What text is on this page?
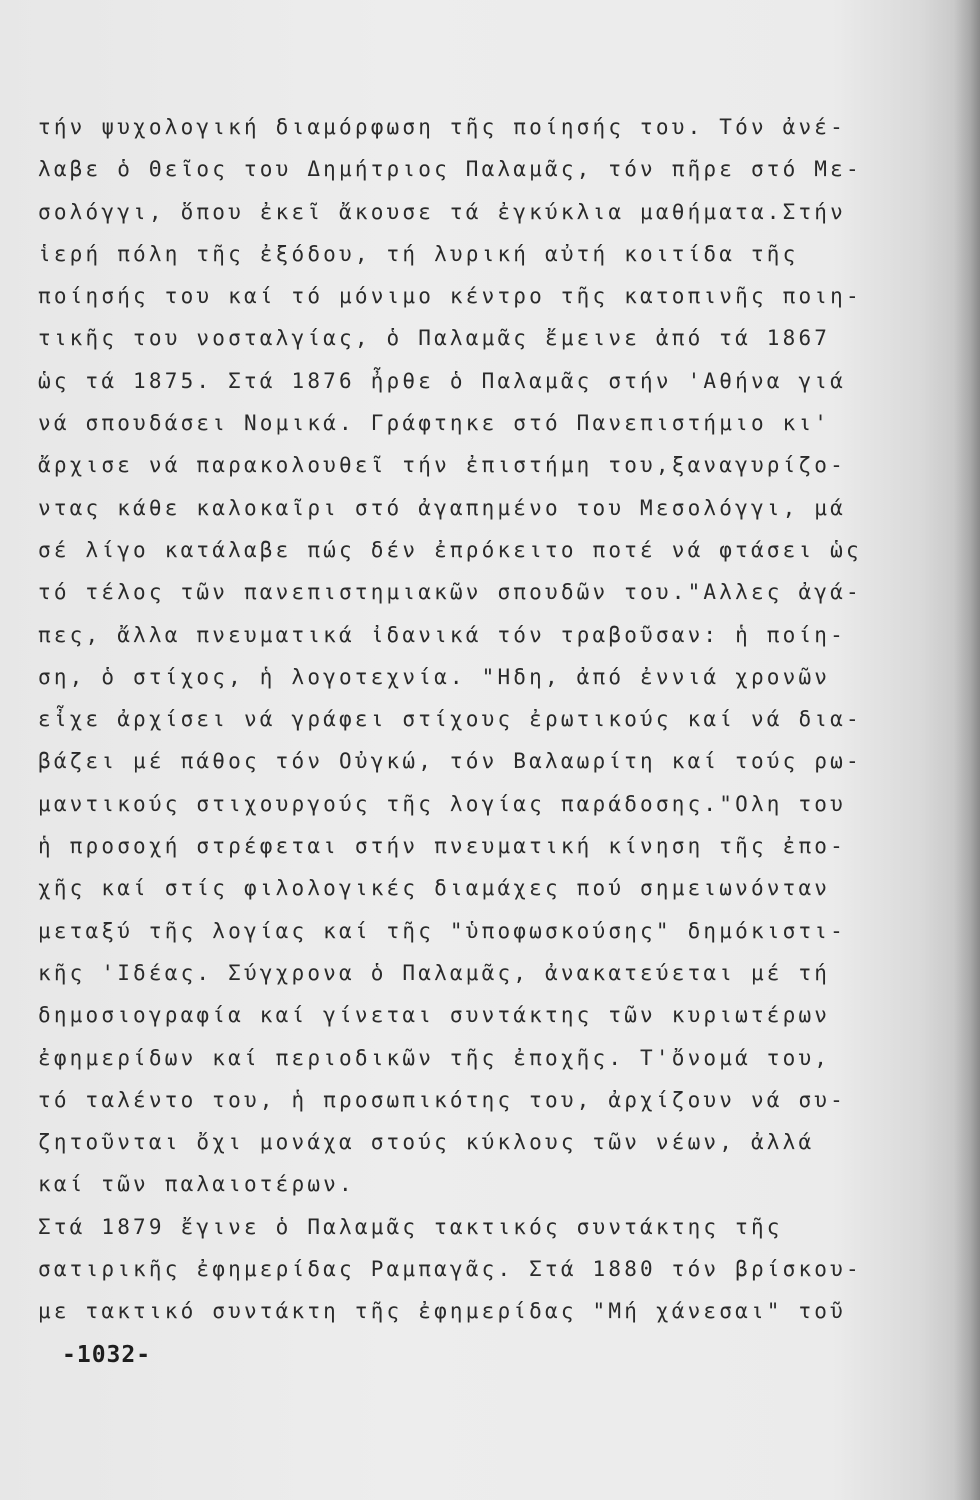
τήν ψυχολογική διαμόρφωση τῆς ποίησής του. Τόν ἀνέ-
λαβε ὁ Θεῖος του Δημήτριος Παλαμᾶς, τόν πῆρε στό Με-
σολόγγι, ὅπου ἐκεῖ ἄκουσε τά ἐγκύκλια μαθήματα.Στήν
ἱερή πόλη τῆς ἐξόδου, τή λυρική αὐτή κοιτίδα τῆς
ποίησής του καί τό μόνιμο κέντρο τῆς κατοπινῆς ποιη-
τικῆς του νοσταλγίας, ὁ Παλαμᾶς ἔμεινε ἀπό τά 1867
ὡς τά 1875. Στά 1876 ἦρθε ὁ Παλαμᾶς στήν 'Αθήνα γιά
νά σπουδάσει Νομικά. Γράφτηκε στό Πανεπιστήμιο κι'
ἄρχισε νά παρακολουθεῖ τήν ἐπιστήμη του,ξαναγυρίζο-
ντας κάθε καλοκαῖρι στό ἀγαπημένο του Μεσολόγγι, μά
σέ λίγο κατάλαβε πώς δέν ἐπρόκειτο ποτέ νά φτάσει ὡς
τό τέλος τῶν πανεπιστημιακῶν σπουδῶν του."Αλλες ἀγά-
πες, ἄλλα πνευματικά ἰδανικά τόν τραβοῦσαν: ἡ ποίη-
ση, ὁ στίχος, ἡ λογοτεχνία. "Ηδη, ἀπό ἐννιά χρονῶν
εἶχε ἀρχίσει νά γράφει στίχους ἐρωτικούς καί νά δια-
βάζει μέ πάθος τόν Οὐγκώ, τόν Βαλαωρίτη καί τούς ρω-
μαντικούς στιχουργούς τῆς λογίας παράδοσης."Ολη του
ἡ προσοχή στρέφεται στήν πνευματική κίνηση τῆς ἐπο-
χῆς καί στίς φιλολογικές διαμάχες πού σημειωνόνταν
μεταξύ τῆς λογίας καί τῆς "ὑποφωσκούσης" δημόκιστι-
κῆς 'Ιδέας. Σύγχρονα ὁ Παλαμᾶς, ἀνακατεύεται μέ τή
δημοσιογραφία καί γίνεται συντάκτης τῶν κυριωτέρων
ἐφημερίδων καί περιοδικῶν τῆς ἐποχῆς. Τ'ὄνομά του,
τό ταλέντο του, ἡ προσωπικότης του, ἀρχίζουν νά συ-
ζητοῦνται ὄχι μονάχα στούς κύκλους τῶν νέων, ἀλλά
καί τῶν παλαιοτέρων.
Στά 1879 ἔγινε ὁ Παλαμᾶς τακτικός συντάκτης τῆς
σατιρικῆς ἐφημερίδας Ραμπαγᾶς. Στά 1880 τόν βρίσκου-
με τακτικό συντάκτη τῆς ἐφημερίδας "Μή χάνεσαι" τοῦ
-1032-
